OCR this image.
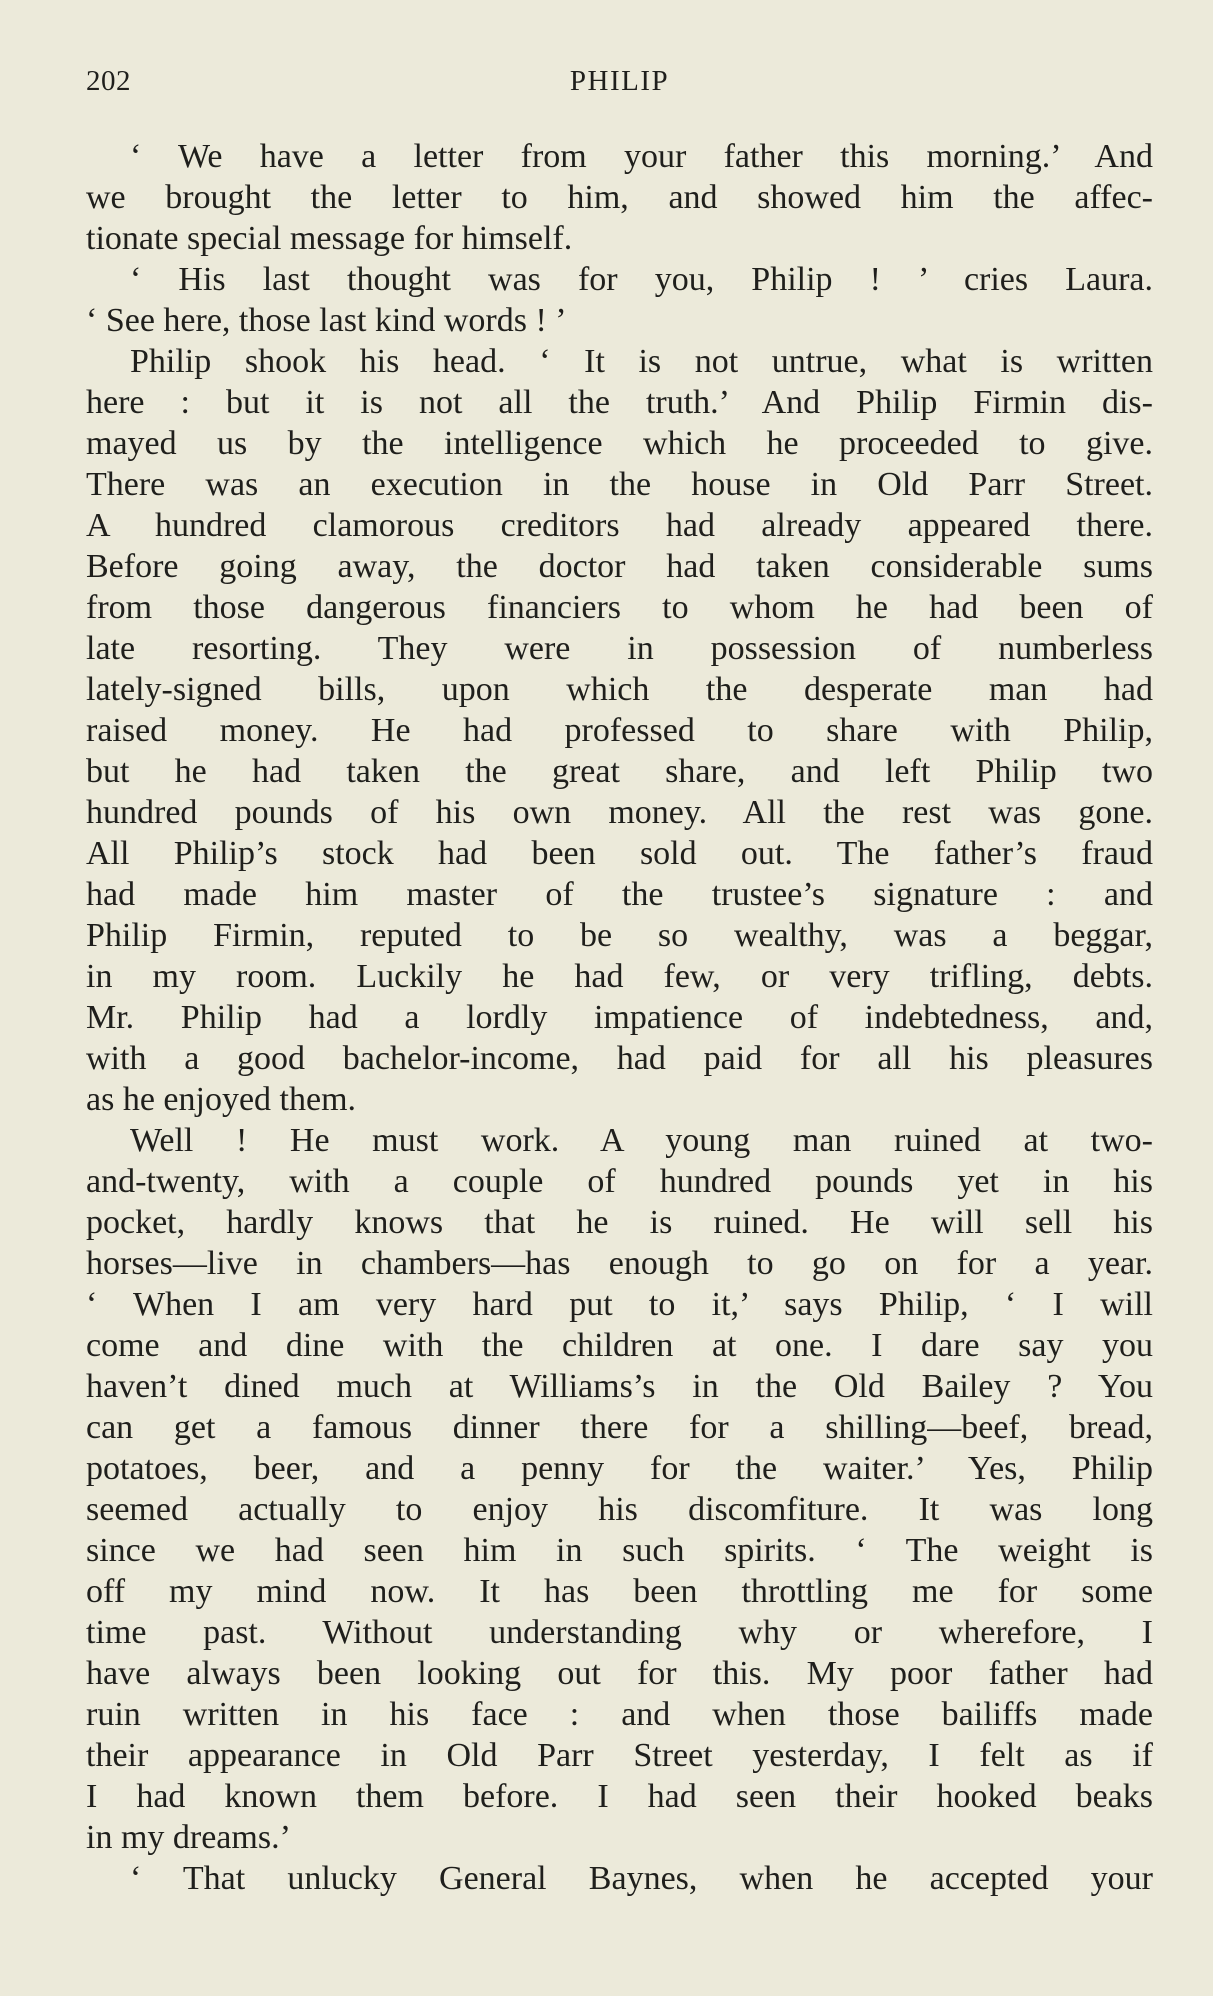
202	PHILIP
‘ We have a letter from your father this morning.’ And
we brought the letter to him, and showed him the affec-
tionate special message for himself.
‘ His last thought was for you, Philip ! ’ cries Laura.
‘ See here, those last kind words ! ’
Philip shook his head. ‘ It is not untrue, what is written
here : but it is not all the truth.’ And Philip Firmin dis-
mayed us by the intelligence which he proceeded to give.
There was an execution in the house in Old Parr Street.
A hundred clamorous creditors had already appeared there.
Before going away, the doctor had taken considerable sums
from those dangerous financiers to whom he had been of
late resorting. They were in possession of numberless
lately-signed bills, upon which the desperate man had
raised money. He had professed to share with Philip,
but he had taken the great share, and left Philip two
hundred pounds of his own money. All the rest was gone.
All Philip’s stock had been sold out. The father’s fraud
had made him master of the trustee’s signature : and
Philip Firmin, reputed to be so wealthy, was a beggar,
in my room. Luckily he had few, or very trifling, debts.
Mr. Philip had a lordly impatience of indebtedness, and,
with a good bachelor-income, had paid for all his pleasures
as he enjoyed them.
Well ! He must work. A young man ruined at two-
and-twenty, with a couple of hundred pounds yet in his
pocket, hardly knows that he is ruined. He will sell his
horses—live in chambers—has enough to go on for a year.
‘ When I am very hard put to it,’ says Philip, ‘ I will
come and dine with the children at one. I dare say you
haven’t dined much at Williams’s in the Old Bailey ? You
can get a famous dinner there for a shilling—beef, bread,
potatoes, beer, and a penny for the waiter.’ Yes, Philip
seemed actually to enjoy his discomfiture. It was long
since we had seen him in such spirits. ‘ The weight is
off my mind now. It has been throttling me for some
time past. Without understanding why or wherefore, I
have always been looking out for this. My poor father had
ruin written in his face : and when those bailiffs made
their appearance in Old Parr Street yesterday, I felt as if
I had known them before. I had seen their hooked beaks
in my dreams.’
‘ That unlucky General Baynes, when he accepted your
